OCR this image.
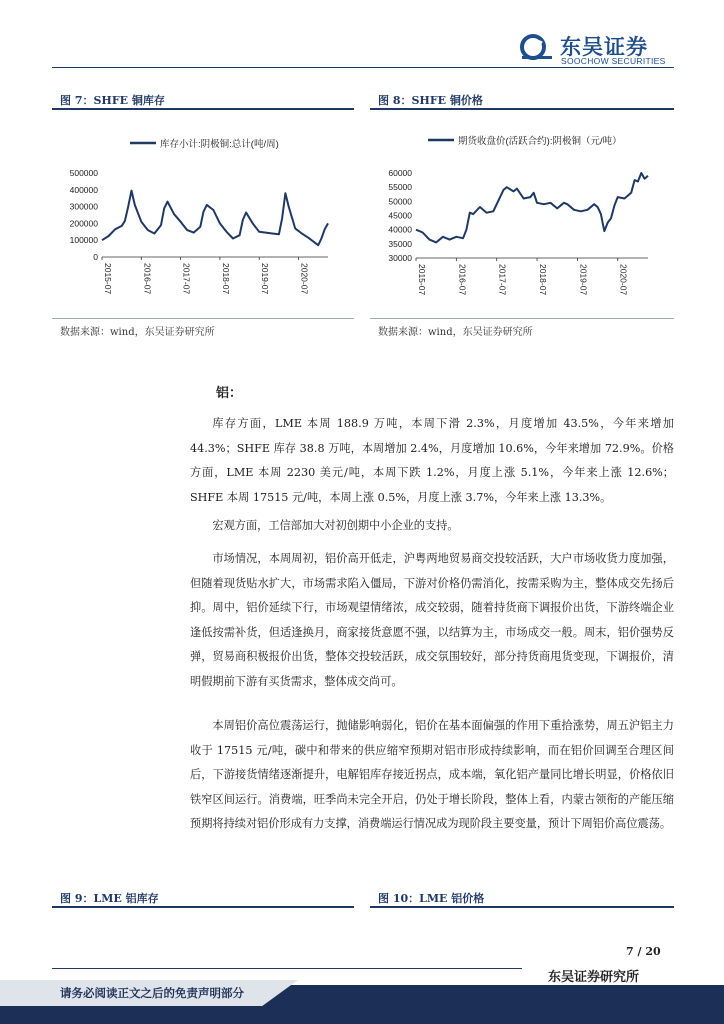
东吴证券
SOOCHOW SECURITIES
图 7：SHFE 铜库存
库存小计:阴极铜:总计(吨/周)
0
100000
200000
300000
400000
500000
2015-07	2016-07	2017-07	2018-07	2019-07	2020-07
数据来源：wind，东吴证券研究所
图 8：SHFE 铜价格
期货收盘价(活跃合约):阴极铜（元/吨）
30000
35000
40000
45000
50000
55000
60000
2015-07	2016-07	2017-07	2018-07	2019-07	2020-07
数据来源：wind，东吴证券研究所
铝：

库存方面，LME 本周 188.9 万吨，本周下滑 2.3%，月度增加 43.5%，今年来增加 44.3%；SHFE 库存 38.8 万吨，本周增加 2.4%，月度增加 10.6%，今年来增加 72.9%。价格方面，LME 本周 2230 美元/吨，本周下跌 1.2%，月度上涨 5.1%，今年来上涨 12.6%；SHFE 本周 17515 元/吨，本周上涨 0.5%，月度上涨 3.7%，今年来上涨 13.3%。

宏观方面，工信部加大对初创期中小企业的支持。

市场情况，本周周初，铝价高开低走，沪粤两地贸易商交投较活跃，大户市场收货力度加强，但随着现货贴水扩大，市场需求陷入僵局，下游对价格仍需消化，按需采购为主，整体成交先扬后抑。周中，铝价延续下行，市场观望情绪浓，成交较弱，随着持货商下调报价出货，下游终端企业逢低按需补货，但适逢换月，商家接货意愿不强，以结算为主，市场成交一般。周末，铝价强势反弹，贸易商积极报价出货，整体交投较活跃，成交氛围较好，部分持货商甩货变现，下调报价，清明假期前下游有买货需求，整体成交尚可。

本周铝价高位震荡运行，抛储影响弱化，铝价在基本面偏强的作用下重拾涨势，周五沪铝主力收于 17515 元/吨，碳中和带来的供应缩窄预期对铝市形成持续影响，而在铝价回调至合理区间后，下游接货情绪逐渐提升，电解铝库存接近拐点，成本端，氧化铝产量同比增长明显，价格依旧铁窄区间运行。消费端，旺季尚未完全开启，仍处于增长阶段，整体上看，内蒙古领衔的产能压缩预期将持续对铝价形成有力支撑，消费端运行情况成为现阶段主要变量，预计下周铝价高位震荡。

图 9：LME 铝库存	图 10：LME 铝价格
7 / 20
东吴证券研究所
请务必阅读正文之后的免责声明部分
